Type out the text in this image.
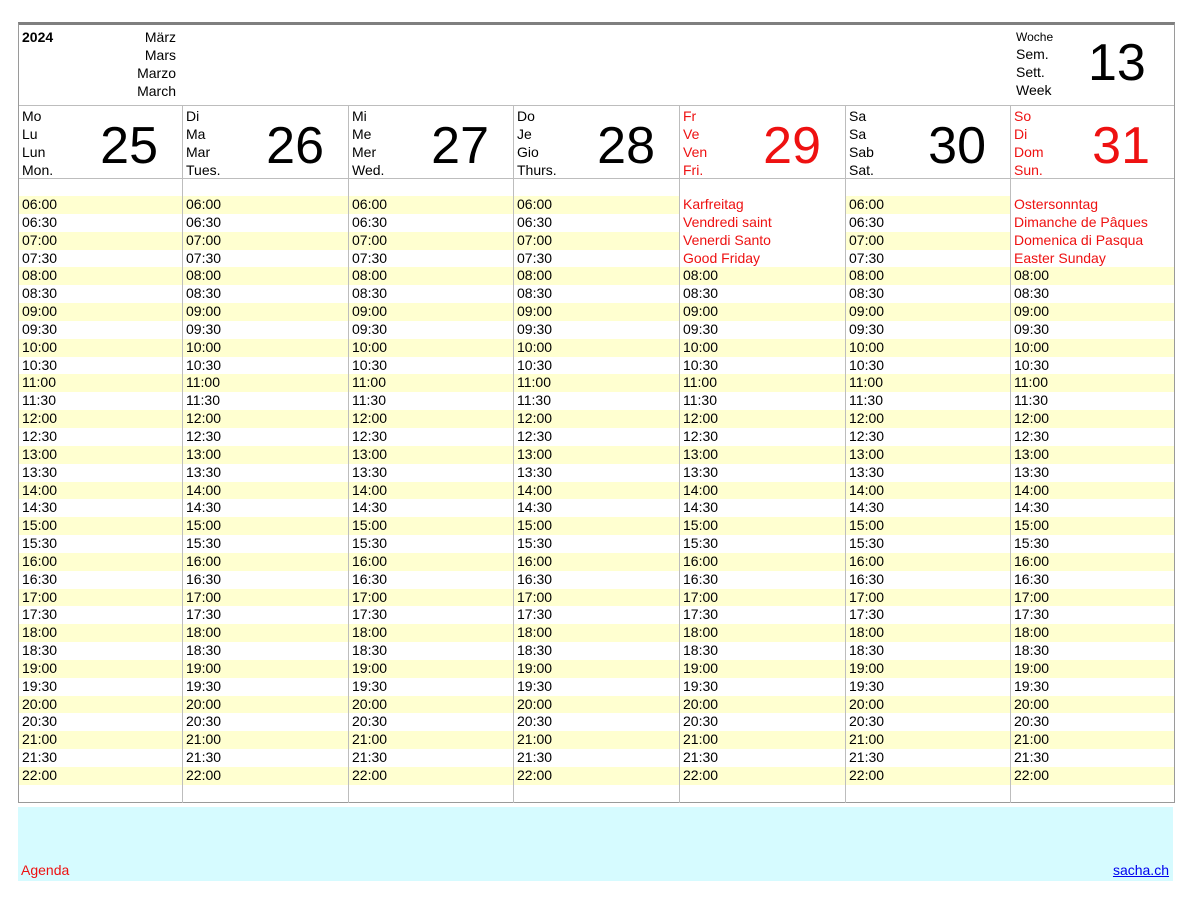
2024	März
Mars
Marzo
March
Woche
Sem.
Sett.
Week 13
Mo
Lu
Lun
Mon. 25
06:00
06:30
07:00
07:30
08:00
08:30
09:00
09:30
10:00
10:30
11:00
11:30
12:00
12:30
13:00
13:30
14:00
14:30
15:00
15:30
16:00
16:30
17:00
17:30
18:00
18:30
19:00
19:30
20:00
20:30
21:00
21:30
22:00
Di
Ma
Mar
Tues. 26
06:00
06:30
07:00
07:30
08:00
08:30
09:00
09:30
10:00
10:30
11:00
11:30
12:00
12:30
13:00
13:30
14:00
14:30
15:00
15:30
16:00
16:30
17:00
17:30
18:00
18:30
19:00
19:30
20:00
20:30
21:00
21:30
22:00
Mi
Me
Mer
Wed. 27
06:00
06:30
07:00
07:30
08:00
08:30
09:00
09:30
10:00
10:30
11:00
11:30
12:00
12:30
13:00
13:30
14:00
14:30
15:00
15:30
16:00
16:30
17:00
17:30
18:00
18:30
19:00
19:30
20:00
20:30
21:00
21:30
22:00
Do
Je
Gio
Thurs. 28
06:00
06:30
07:00
07:30
08:00
08:30
09:00
09:30
10:00
10:30
11:00
11:30
12:00
12:30
13:00
13:30
14:00
14:30
15:00
15:30
16:00
16:30
17:00
17:30
18:00
18:30
19:00
19:30
20:00
20:30
21:00
21:30
22:00
Fr
Ve
Ven
Fri. 29
Karfreitag
Vendredi saint
Venerdi Santo
Good Friday
08:00
08:30
09:00
09:30
10:00
10:30
11:00
11:30
12:00
12:30
13:00
13:30
14:00
14:30
15:00
15:30
16:00
16:30
17:00
17:30
18:00
18:30
19:00
19:30
20:00
20:30
21:00
21:30
22:00
Sa
Sa
Sab
Sat. 30
06:00
06:30
07:00
07:30
08:00
08:30
09:00
09:30
10:00
10:30
11:00
11:30
12:00
12:30
13:00
13:30
14:00
14:30
15:00
15:30
16:00
16:30
17:00
17:30
18:00
18:30
19:00
19:30
20:00
20:30
21:00
21:30
22:00
So
Di
Dom
Sun. 31
Ostersonntag
Dimanche de Pâques
Domenica di Pasqua
Easter Sunday
08:00
08:30
09:00
09:30
10:00
10:30
11:00
11:30
12:00
12:30
13:00
13:30
14:00
14:30
15:00
15:30
16:00
16:30
17:00
17:30
18:00
18:30
19:00
19:30
20:00
20:30
21:00
21:30
22:00
Agenda	sacha.ch
